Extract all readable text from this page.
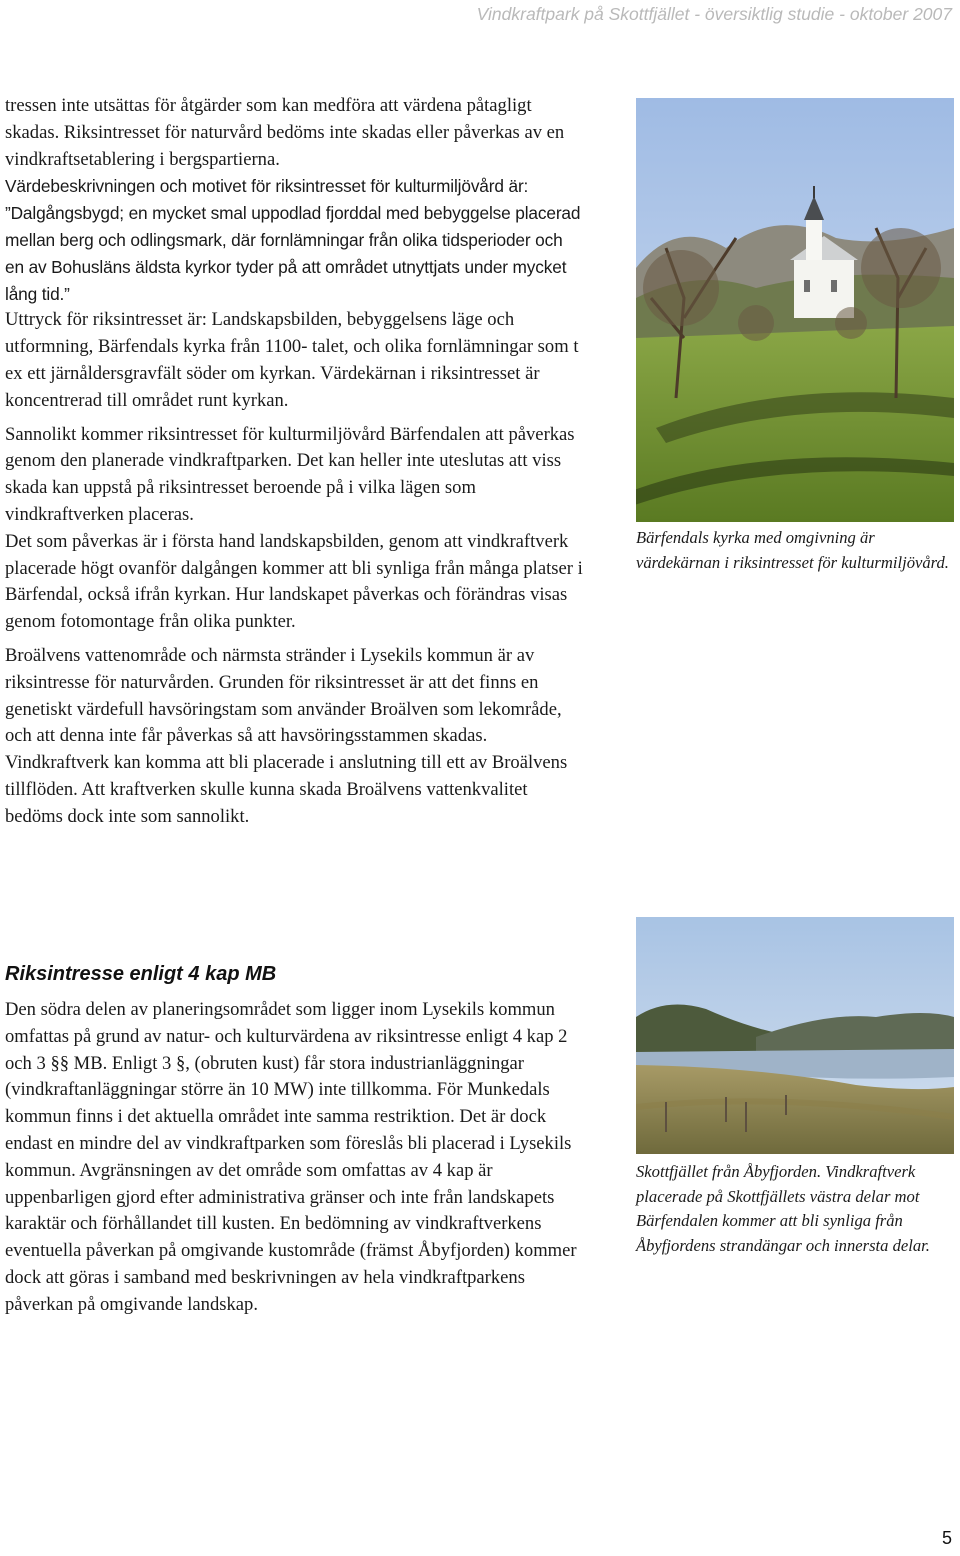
Vindkraftpark på Skottfjället - översiktlig studie - oktober 2007

tressen inte utsättas för åtgärder som kan medföra att värdena påtagligt skadas. Riksintresset för naturvård bedöms inte skadas eller påverkas av en vindkraftsetablering i bergspartierna.

Värdebeskrivningen och motivet för riksintresset för kulturmiljövård är: ”Dalgångsbygd; en mycket smal uppodlad fjorddal med bebyggelse placerad mellan berg och odlingsmark, där fornlämningar från olika tidsperioder och en av Bohusläns äldsta kyrkor tyder på att området utnyttjats under mycket lång tid.”

Uttryck för riksintresset är: Landskapsbilden, bebyggelsens läge och utformning, Bärfendals kyrka från 1100- talet, och olika fornlämningar som t ex ett järnåldersgravfält söder om kyrkan. Värdekärnan i riksintresset är koncentrerad till området runt kyrkan.

Sannolikt kommer riksintresset för kulturmiljövård Bärfendalen att påverkas genom den planerade vindkraftparken. Det kan heller inte uteslutas att viss skada kan uppstå på riksintresset beroende på i vilka lägen som vindkraftverken placeras.

Det som påverkas är i första hand landskapsbilden, genom att vindkraftverk placerade högt ovanför dalgången kommer att bli synliga från många platser i Bärfendal, också ifrån kyrkan. Hur landskapet påverkas och förändras visas genom fotomontage från olika punkter.

Broälvens vattenområde och närmsta stränder i Lysekils kommun är av riksintresse för naturvården. Grunden för riksintresset är att det finns en genetiskt värdefull havsöringstam som använder Broälven som lekområde, och att denna inte får påverkas så att havsöringsstammen skadas. Vindkraftverk kan komma att bli placerade i anslutning till ett av Broälvens tillflöden. Att kraftverken skulle kunna skada Broälvens vattenkvalitet bedöms dock inte som sannolikt.

Riksintresse enligt 4 kap MB

Den södra delen av planeringsområdet som ligger inom Lysekils kommun omfattas på grund av natur- och kulturvärdena av riksintresse enligt 4 kap 2 och 3 §§ MB. Enligt 3 §, (obruten kust) får stora industrianläggningar (vindkraftanläggningar större än 10 MW) inte tillkomma. För Munkedals kommun finns i det aktuella området inte samma restriktion. Det är dock endast en mindre del av vindkraftparken som föreslås bli placerad i Lysekils kommun. Avgränsningen av det område som omfattas av 4 kap är uppenbarligen gjord efter administrativa gränser och inte från landskapets karaktär och förhållandet till kusten. En bedömning av vindkraftverkens eventuella påverkan på omgivande kustområde (främst Åbyfjorden) kommer dock att göras i samband med beskrivningen av hela vindkraftparkens påverkan på omgivande landskap.

Bärfendals kyrka med omgivning är värdekärnan i riksintresset för kulturmiljövård.

Skottfjället från Åbyfjorden. Vindkraftverk placerade på Skottfjällets västra delar mot Bärfendalen kommer att bli synliga från Åbyfjordens strandängar och innersta delar.

5
